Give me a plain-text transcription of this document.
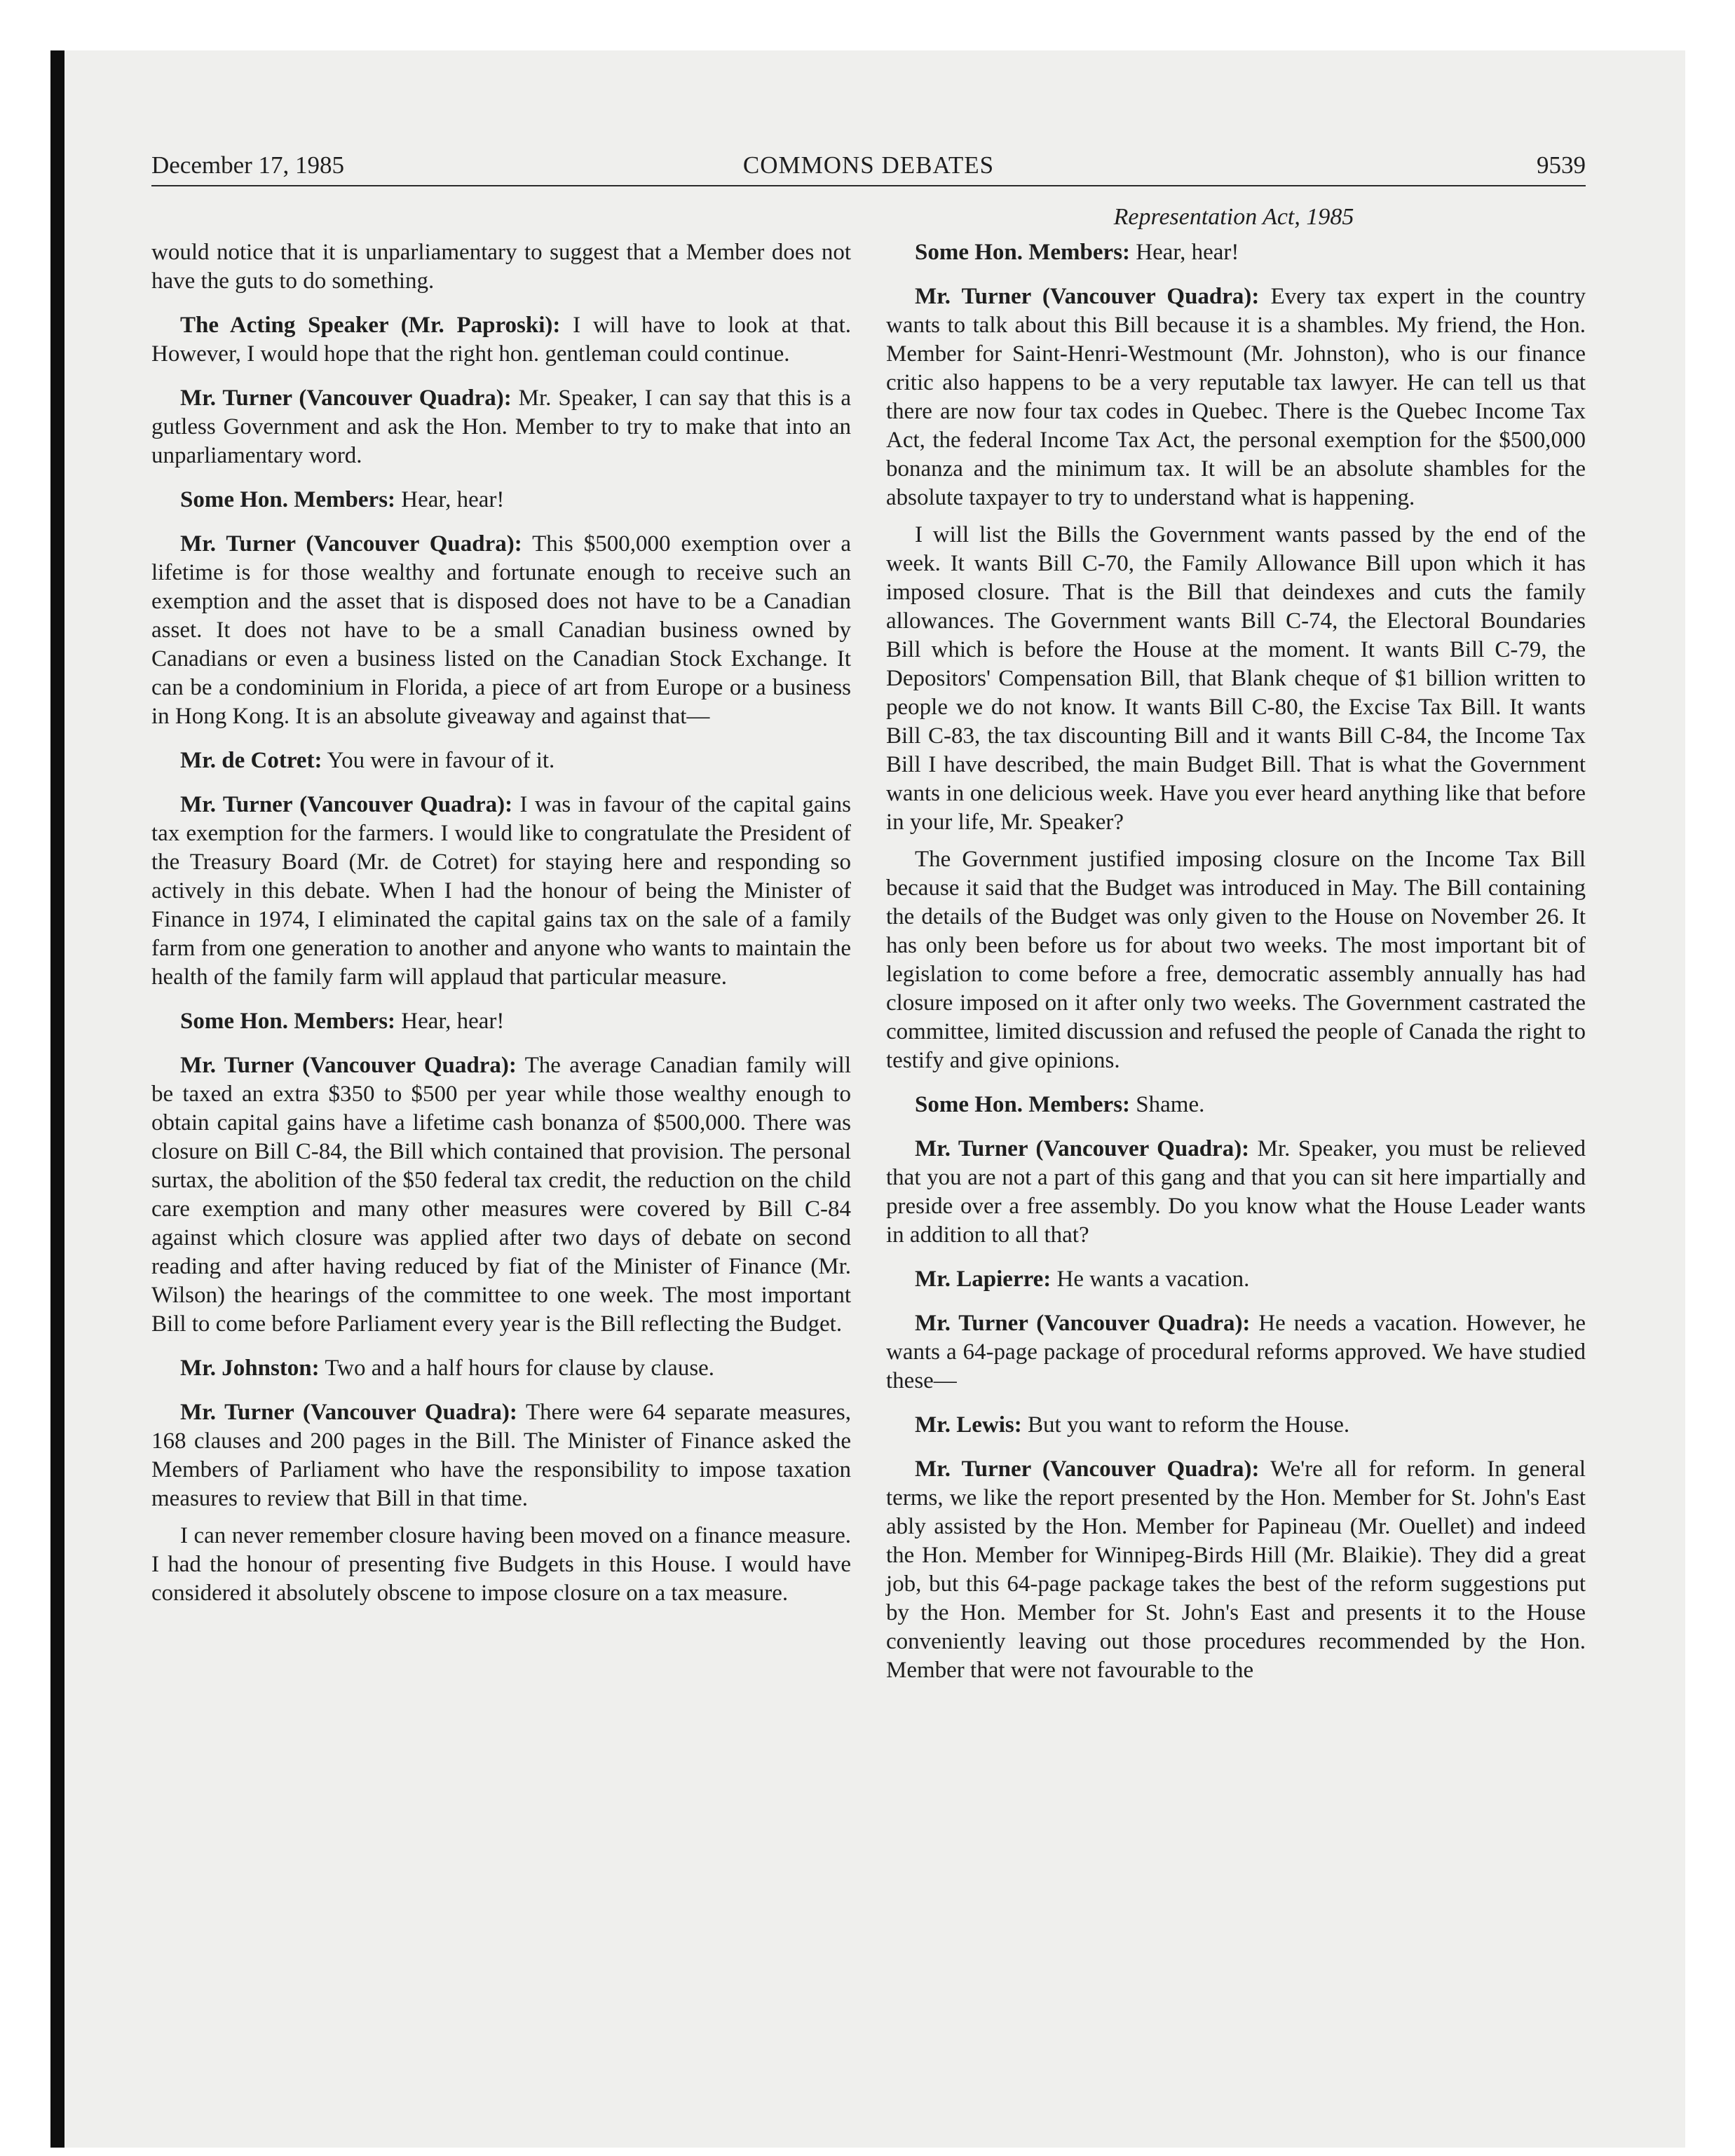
December 17, 1985	COMMONS DEBATES	9539
Representation Act, 1985

would notice that it is unparliamentary to suggest that a Member does not have the guts to do something.

The Acting Speaker (Mr. Paproski): I will have to look at that. However, I would hope that the right hon. gentleman could continue.

Mr. Turner (Vancouver Quadra): Mr. Speaker, I can say that this is a gutless Government and ask the Hon. Member to try to make that into an unparliamentary word.

Some Hon. Members: Hear, hear!

Mr. Turner (Vancouver Quadra): This $500,000 exemption over a lifetime is for those wealthy and fortunate enough to receive such an exemption and the asset that is disposed does not have to be a Canadian asset. It does not have to be a small Canadian business owned by Canadians or even a business listed on the Canadian Stock Exchange. It can be a condominium in Florida, a piece of art from Europe or a business in Hong Kong. It is an absolute giveaway and against that—

Mr. de Cotret: You were in favour of it.

Mr. Turner (Vancouver Quadra): I was in favour of the capital gains tax exemption for the farmers. I would like to congratulate the President of the Treasury Board (Mr. de Cotret) for staying here and responding so actively in this debate. When I had the honour of being the Minister of Finance in 1974, I eliminated the capital gains tax on the sale of a family farm from one generation to another and anyone who wants to maintain the health of the family farm will applaud that particular measure.

Some Hon. Members: Hear, hear!

Mr. Turner (Vancouver Quadra): The average Canadian family will be taxed an extra $350 to $500 per year while those wealthy enough to obtain capital gains have a lifetime cash bonanza of $500,000. There was closure on Bill C-84, the Bill which contained that provision. The personal surtax, the abolition of the $50 federal tax credit, the reduction on the child care exemption and many other measures were covered by Bill C-84 against which closure was applied after two days of debate on second reading and after having reduced by fiat of the Minister of Finance (Mr. Wilson) the hearings of the committee to one week. The most important Bill to come before Parliament every year is the Bill reflecting the Budget.

Mr. Johnston: Two and a half hours for clause by clause.

Mr. Turner (Vancouver Quadra): There were 64 separate measures, 168 clauses and 200 pages in the Bill. The Minister of Finance asked the Members of Parliament who have the responsibility to impose taxation measures to review that Bill in that time.

I can never remember closure having been moved on a finance measure. I had the honour of presenting five Budgets in this House. I would have considered it absolutely obscene to impose closure on a tax measure.

Some Hon. Members: Hear, hear!

Mr. Turner (Vancouver Quadra): Every tax expert in the country wants to talk about this Bill because it is a shambles. My friend, the Hon. Member for Saint-Henri-Westmount (Mr. Johnston), who is our finance critic also happens to be a very reputable tax lawyer. He can tell us that there are now four tax codes in Quebec. There is the Quebec Income Tax Act, the federal Income Tax Act, the personal exemption for the $500,000 bonanza and the minimum tax. It will be an absolute shambles for the absolute taxpayer to try to understand what is happening.

I will list the Bills the Government wants passed by the end of the week. It wants Bill C-70, the Family Allowance Bill upon which it has imposed closure. That is the Bill that deindexes and cuts the family allowances. The Government wants Bill C-74, the Electoral Boundaries Bill which is before the House at the moment. It wants Bill C-79, the Depositors' Compensation Bill, that Blank cheque of $1 billion written to people we do not know. It wants Bill C-80, the Excise Tax Bill. It wants Bill C-83, the tax discounting Bill and it wants Bill C-84, the Income Tax Bill I have described, the main Budget Bill. That is what the Government wants in one delicious week. Have you ever heard anything like that before in your life, Mr. Speaker?

The Government justified imposing closure on the Income Tax Bill because it said that the Budget was introduced in May. The Bill containing the details of the Budget was only given to the House on November 26. It has only been before us for about two weeks. The most important bit of legislation to come before a free, democratic assembly annually has had closure imposed on it after only two weeks. The Government castrated the committee, limited discussion and refused the people of Canada the right to testify and give opinions.

Some Hon. Members: Shame.

Mr. Turner (Vancouver Quadra): Mr. Speaker, you must be relieved that you are not a part of this gang and that you can sit here impartially and preside over a free assembly. Do you know what the House Leader wants in addition to all that?

Mr. Lapierre: He wants a vacation.

Mr. Turner (Vancouver Quadra): He needs a vacation. However, he wants a 64-page package of procedural reforms approved. We have studied these—

Mr. Lewis: But you want to reform the House.

Mr. Turner (Vancouver Quadra): We're all for reform. In general terms, we like the report presented by the Hon. Member for St. John's East ably assisted by the Hon. Member for Papineau (Mr. Ouellet) and indeed the Hon. Member for Winnipeg-Birds Hill (Mr. Blaikie). They did a great job, but this 64-page package takes the best of the reform suggestions put by the Hon. Member for St. John's East and presents it to the House conveniently leaving out those procedures recommended by the Hon. Member that were not favourable to the
